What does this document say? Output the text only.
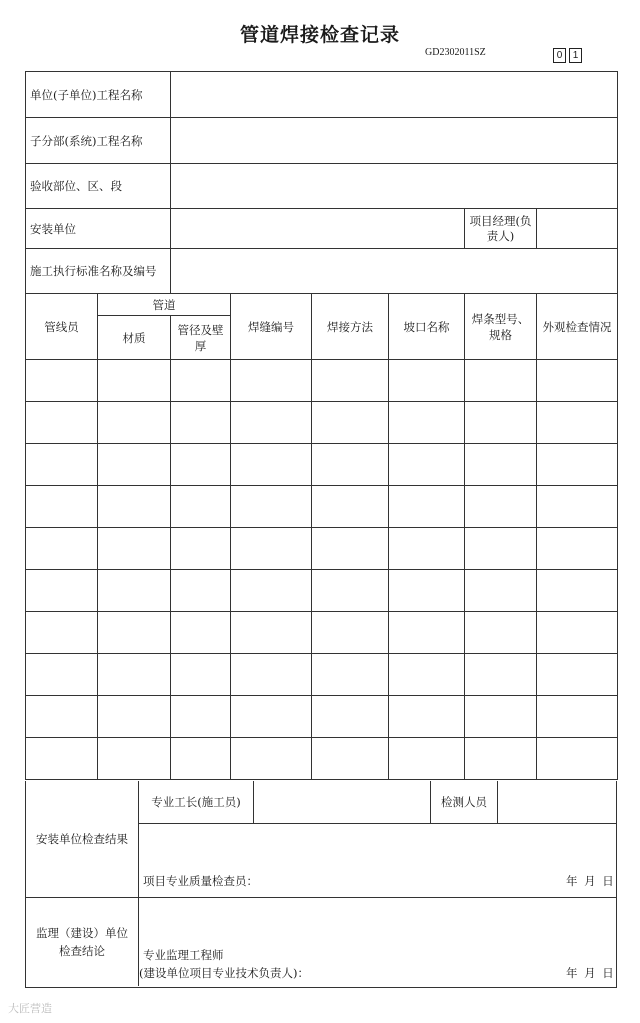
管道焊接检查记录
GD2302011SZ	0	1
单位(子单位)工程名称							
子分部(系统)工程名称							
验收部位、区、段							
安装单位						项目经理(负责人)	
施工执行标准名称及编号							
管线员	管道		焊缝编号	焊接方法	坡口名称	焊条型号、规格	外观检查情况
	材质	管径及壁厚					

安装单位检查结果
专业工长(施工员)	检测人员
项目专业质量检查员：	年 月 日
监理（建设）单位
检查结论	专业监理工程师
(建设单位项目专业技术负责人)：	年 月 日
大匠营造
